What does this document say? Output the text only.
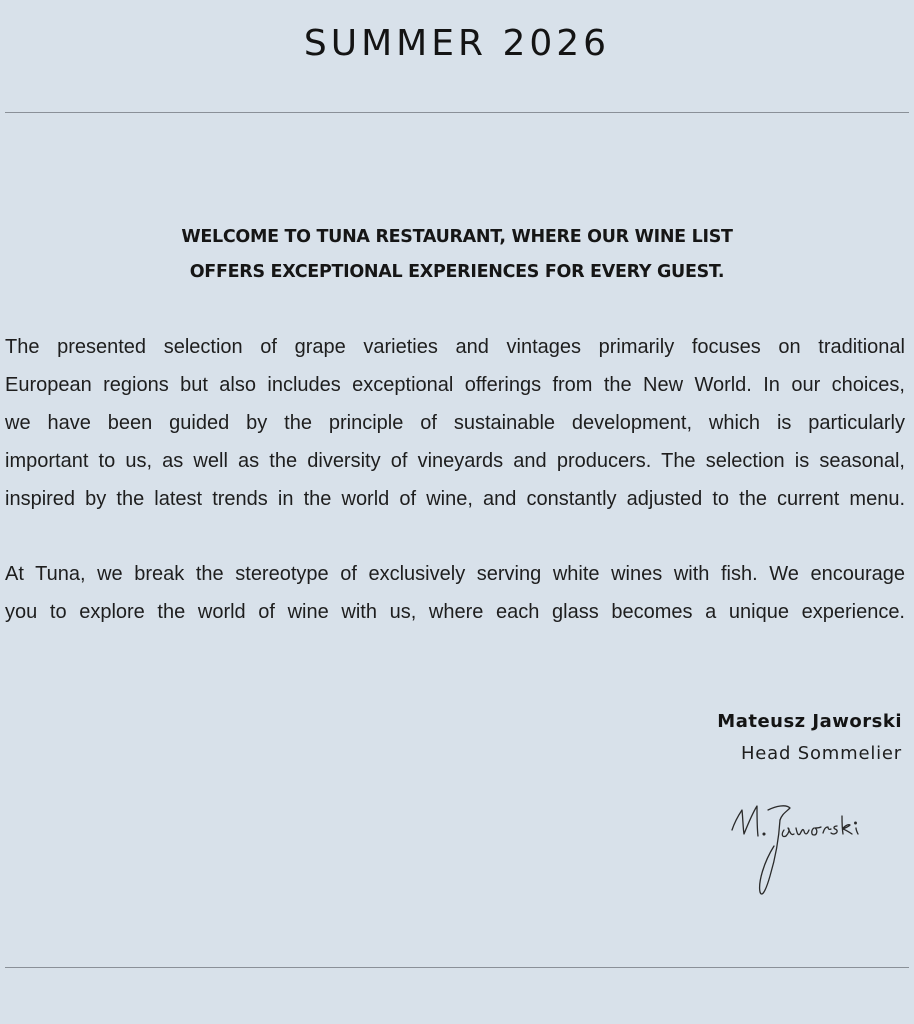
SUMMER 2026
WELCOME TO TUNA RESTAURANT, WHERE OUR WINE LIST
OFFERS EXCEPTIONAL EXPERIENCES FOR EVERY GUEST.
The presented selection of grape varieties and vintages primarily focuses on traditional
European regions but also includes exceptional offerings from the New World. In our choices,
we have been guided by the principle of sustainable development, which is particularly
important to us, as well as the diversity of vineyards and producers. The selection is seasonal,
inspired by the latest trends in the world of wine, and constantly adjusted to the current menu.
At Tuna, we break the stereotype of exclusively serving white wines with fish. We encourage
you to explore the world of wine with us, where each glass becomes a unique experience.
Mateusz Jaworski
Head Sommelier
